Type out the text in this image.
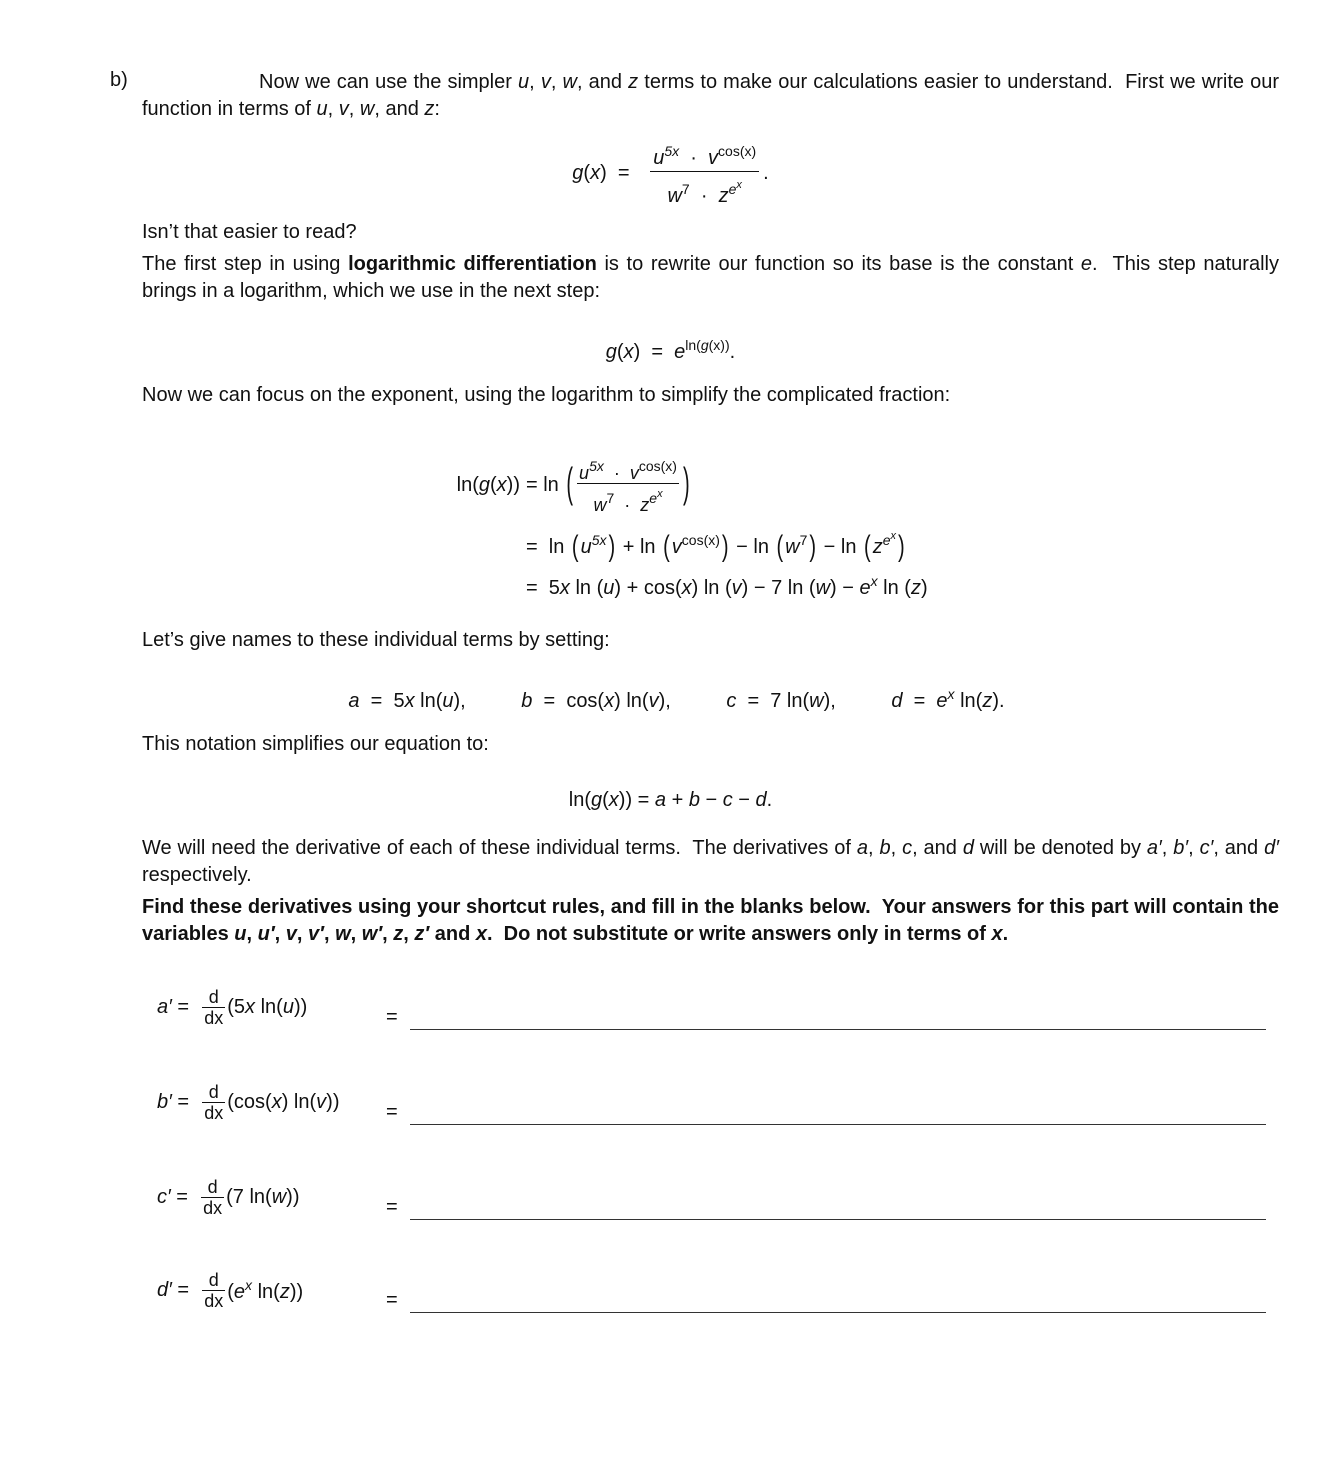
b)	Now we can use the simpler u, v, w, and z terms to make our calculations easier to understand.  First we write our function in terms of u, v, w, and z:
$g(x) = \frac{u^{5x} \cdot v^{cos(x)}}{w^7 \cdot z^{ex}}$ .
Isn’t that easier to read?
The first step in using logarithmic differentiation is to rewrite our function so its base is the constant e.  This step naturally brings in a logarithm, which we use in the next step:
$g(x) = e^{ln(g(x))}$.
Now we can focus on the exponent, using the logarithm to simplify the complicated fraction:
ln(g(x)) = ln ( $\frac{u^{5x} \cdot v^{cos(x)}}{w^7 \cdot z^{ex}}$ )
=  ln ( $u^{5x}$ ) + ln ( $v^{cos(x)}$ ) − ln ( $w^7$ ) − ln ( $z^{ex}$ )
=  5x ln (u) + cos(x) ln (v) − 7 $\ln (w) - e^x$ ln (z)
Let’s give names to these individual terms by setting:
a  =  5x ln(u),	b  =  cos(x) ln(v),	c  =  7 ln(w),	$d = e^x$ ln(z).
This notation simplifies our equation to:
ln(g(x)) = a + b − c − d.
We will need the derivative of each of these individual terms.  The derivatives of a, b, c, and d will be denoted by a′, b′, c′, and d′ respectively.
Find these derivatives using your shortcut rules, and fill in the blanks below.  Your answers for this part will contain the variables u, u′, v, v′, w, w′, z, z′ and x.  Do not substitute or write answers only in terms of x.
$a' = \frac{d}{dx} (5x$ ln(u))	=
$b' = \frac{d}{dx} (\cos(x) \ln(v))$ =
$c' = \frac{d}{dx} (7$ ln(w))	=
$d' = \frac{d}{dx} (e^x$ ln(z))	=
